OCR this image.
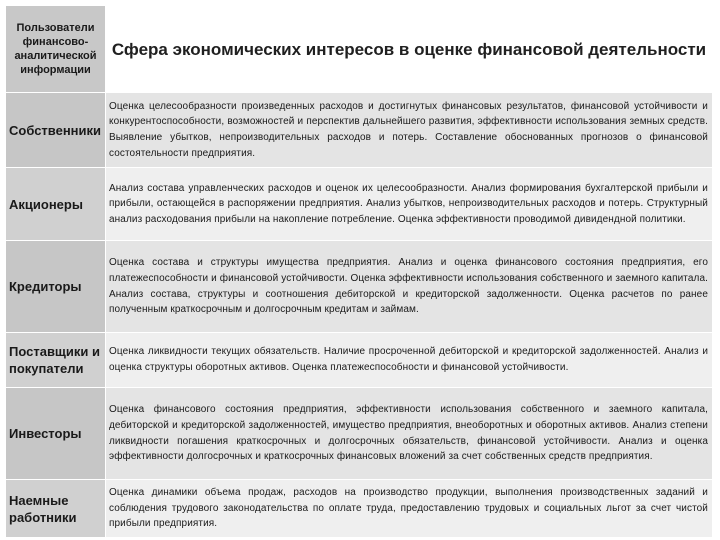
Пользователи финансово-аналитической информации	Сфера экономических интересов в оценке финансовой деятельности

Собственники	Оценка целесообразности произведенных расходов и достигнутых финансовых результатов, финансовой устойчивости и конкурентоспособности, возможностей и перспектив дальнейшего развития, эффективности использования земных средств. Выявление убытков, непроизводительных расходов и потерь. Составление обоснованных прогнозов о финансовой состоятельности предприятия.
Акционеры	Анализ состава управленческих расходов и оценок их целесообразности. Анализ формирования бухгалтерской прибыли и прибыли, остающейся в распоряжении предприятия. Анализ убытков, непроизводительных расходов и потерь. Структурный анализ расходования прибыли на накопление потребление. Оценка эффективности проводимой дивидендной политики.
Кредиторы	Оценка состава и структуры имущества предприятия. Анализ и оценка финансового состояния предприятия, его платежеспособности и финансовой устойчивости. Оценка эффективности использования собственного и заемного капитала. Анализ состава, структуры и соотношения дебиторской и кредиторской задолженности. Оценка расчетов по ранее полученным краткосрочным и долгосрочным кредитам и займам.
Поставщики и покупатели	Оценка ликвидности текущих обязательств. Наличие просроченной дебиторской и кредиторской задолженностей. Анализ и оценка структуры оборотных активов. Оценка платежеспособности и финансовой устойчивости.
Инвесторы	Оценка финансового состояния предприятия, эффективности использования собственного и заемного капитала, дебиторской и кредиторской задолженностей, имущество предприятия, внеоборотных и оборотных активов. Анализ степени ликвидности погашения краткосрочных и долгосрочных обязательств, финансовой устойчивости. Анализ и оценка эффективности долгосрочных и краткосрочных финансовых вложений за счет собственных средств предприятия.
Наемные работники	Оценка динамики объема продаж, расходов на производство продукции, выполнения производственных заданий и соблюдения трудового законодательства по оплате труда, предоставлению трудовых и социальных льгот за счет чистой прибыли предприятия.
